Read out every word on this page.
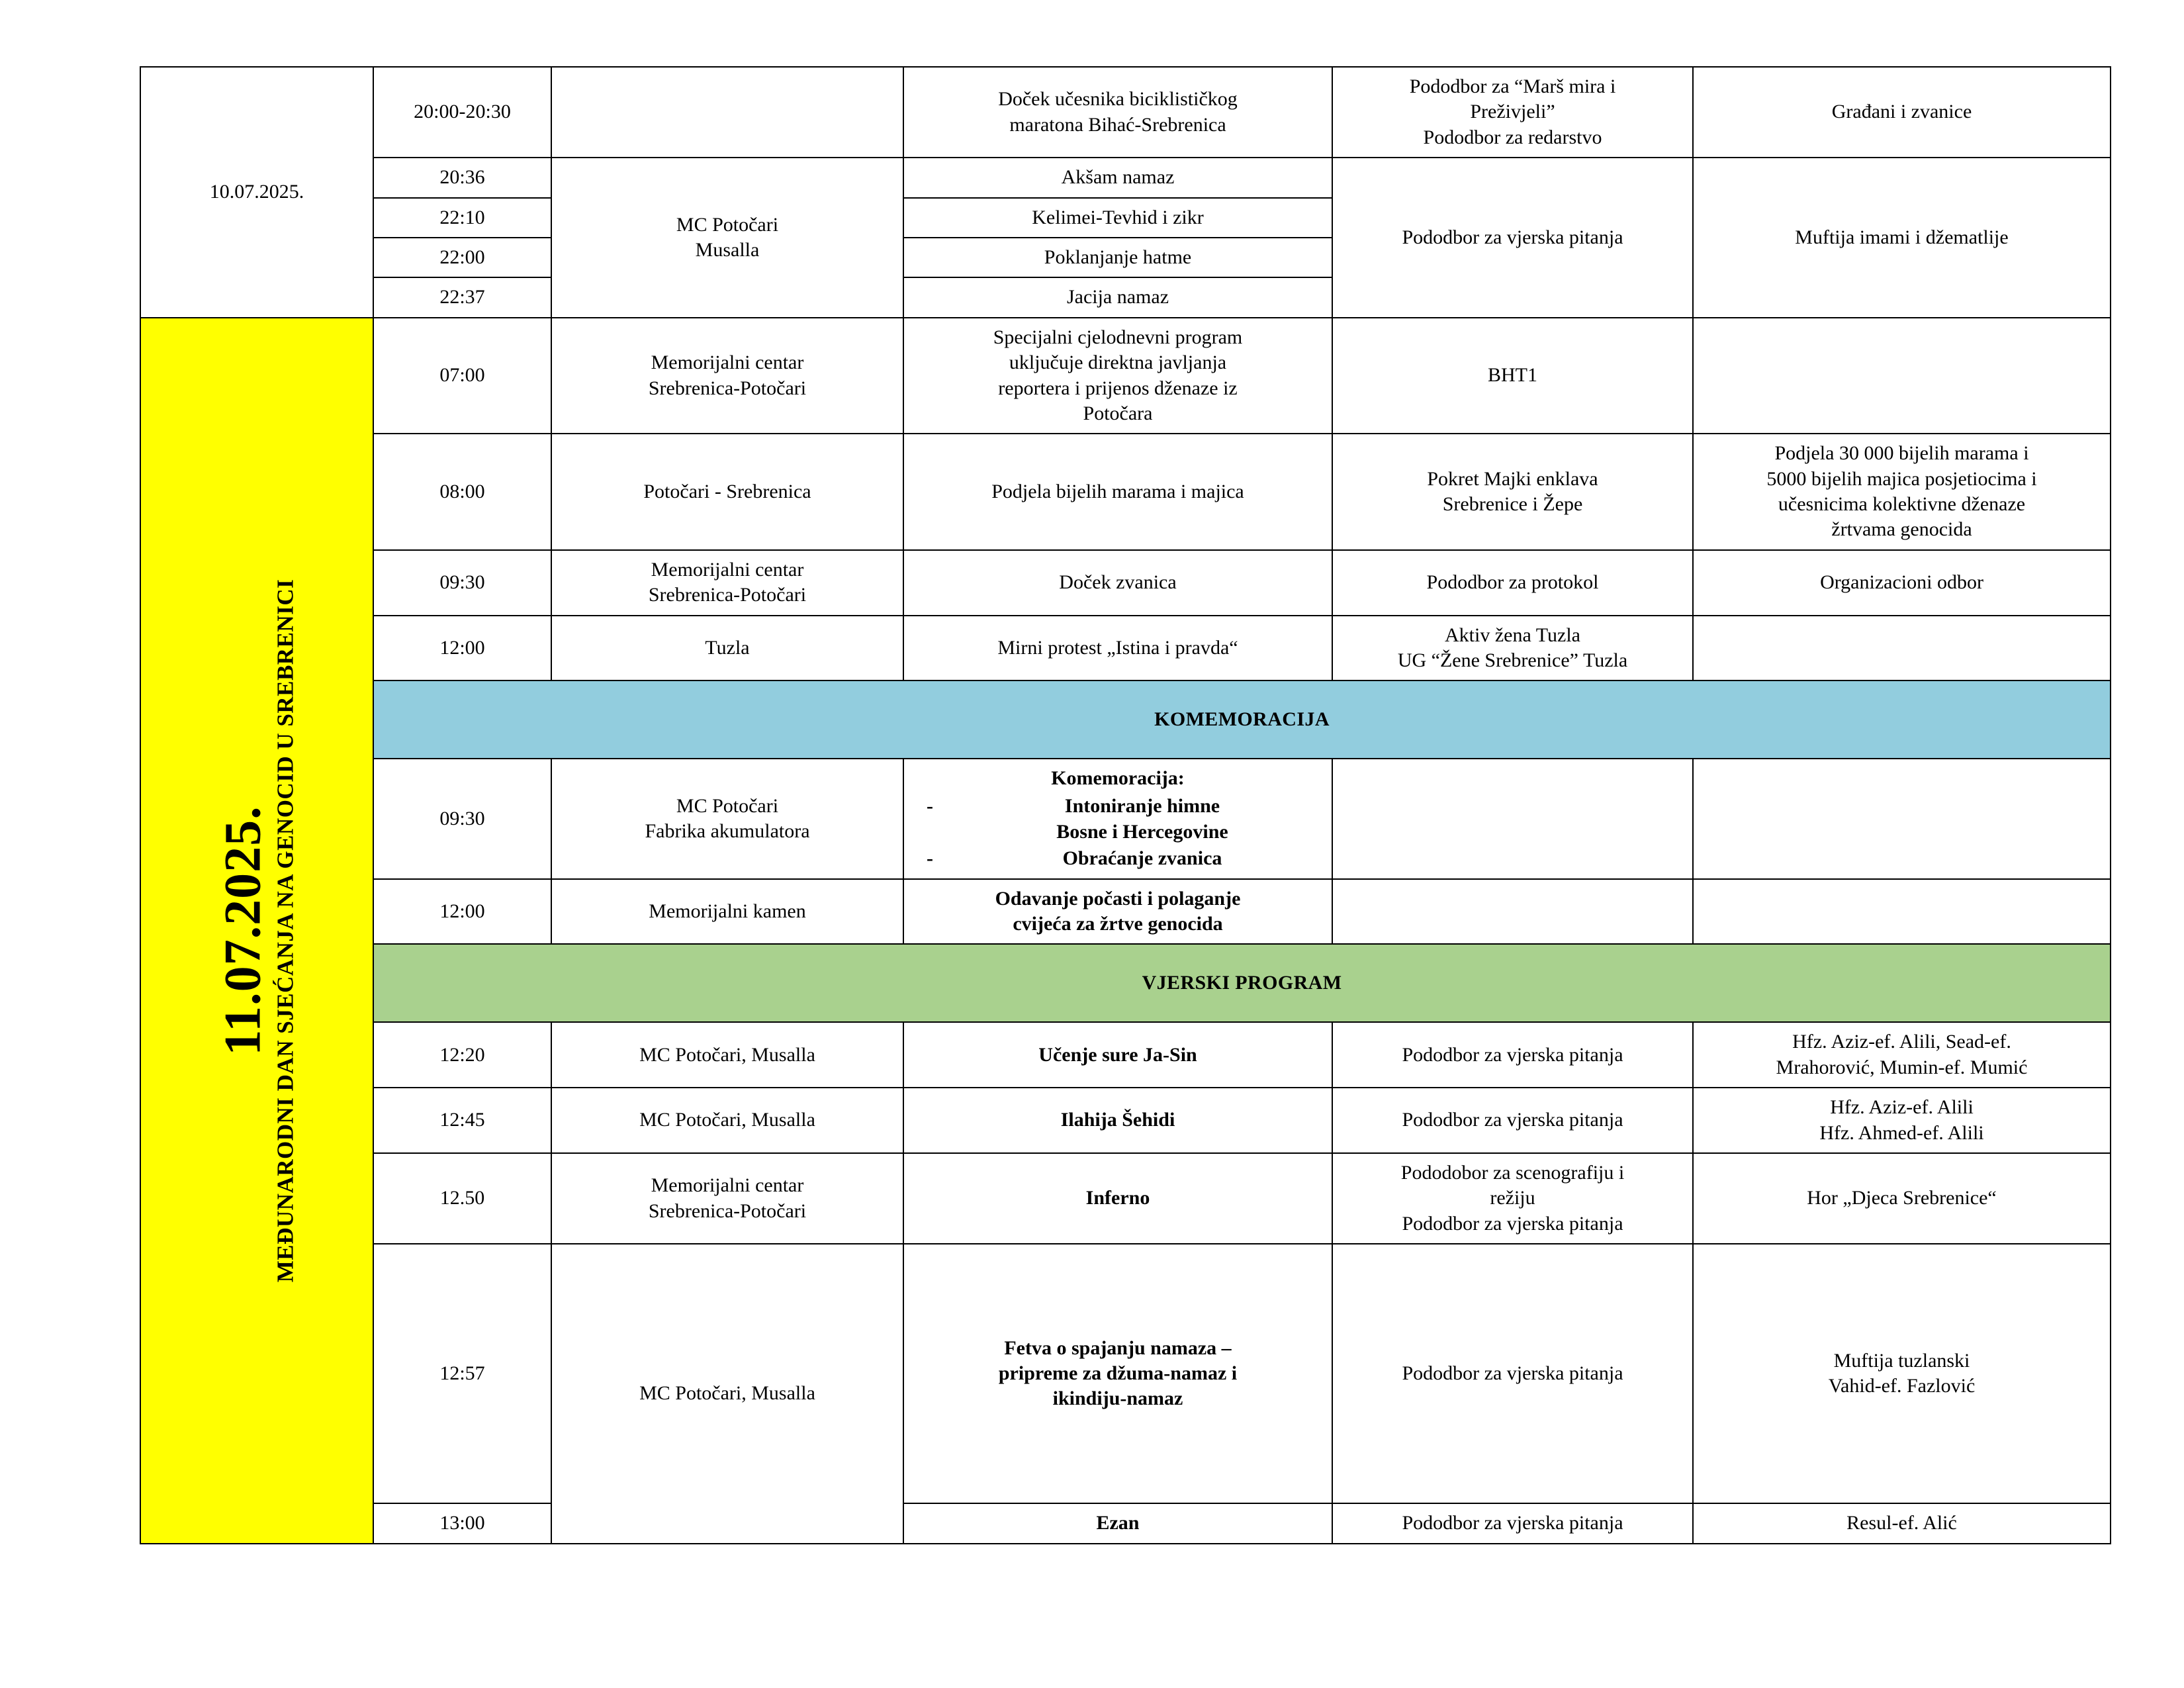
10.07.2025.	20:00-20:30		Doček učesnika biciklističkog
maratona Bihać-Srebrenica	Pododbor za “Marš mira i
Preživjeli”
Pododbor za redarstvo	Građani i zvanice
	20:36	MC Potočari
Musalla	Akšam namaz	Pododbor za vjerska pitanja	Muftija imami i džematlije
	22:10		Kelimei-Tevhid i zikr		
	22:00		Poklanjanje hatme		
	22:37		Jacija namaz		

11.07.2025. MEĐUNARODNI DAN SJEĆANJA NA GENOCID U SREBRENICI
	07:00	Memorijalni centar
Srebrenica-Potočari	Specijalni cjelodnevni program
uključuje direktna javljanja
reportera i prijenos dženaze iz
Potočara	BHT1	
	08:00	Potočari - Srebrenica	Podjela bijelih marama i majica	Pokret Majki enklava
Srebrenice i Žepe	Podjela 30 000 bijelih marama i
5000 bijelih majica posjetiocima i
učesnicima kolektivne dženaze
žrtvama genocida
	09:30	Memorijalni centar
Srebrenica-Potočari	Doček zvanica	Pododbor za protokol	Organizacioni odbor
	12:00	Tuzla	Mirni protest „Istina i pravda“	Aktiv žena Tuzla
UG “Žene Srebrenice” Tuzla	
	KOMEMORACIJA				
09:30	MC Potočari
Fabrika akumulatora	
Komemoracija:
-	Intoniranje himne
Bosne i Hercegovine
-	Obraćanje zvanica

	12:00	Memorijalni kamen	Odavanje počasti i polaganje
cvijeća za žrtve genocida		
	VJERSKI PROGRAM				
	12:20	MC Potočari, Musalla	Učenje sure Ja-Sin	Pododbor za vjerska pitanja	Hfz. Aziz-ef. Alili, Sead-ef.
Mrahorović, Mumin-ef. Mumić
	12:45	MC Potočari, Musalla	Ilahija Šehidi	Pododbor za vjerska pitanja	Hfz. Aziz-ef. Alili
Hfz. Ahmed-ef. Alili
	12.50	Memorijalni centar
Srebrenica-Potočari	Inferno	Pododobor za scenografiju i
režiju
Pododbor za vjerska pitanja	Hor „Djeca Srebrenice“
	12:57	MC Potočari, Musalla	Fetva o spajanju namaza –
pripreme za džuma-namaz i
ikindiju-namaz	Pododbor za vjerska pitanja	Muftija tuzlanski
Vahid-ef. Fazlović
	13:00		Ezan	Pododbor za vjerska pitanja	Resul-ef. Alić
